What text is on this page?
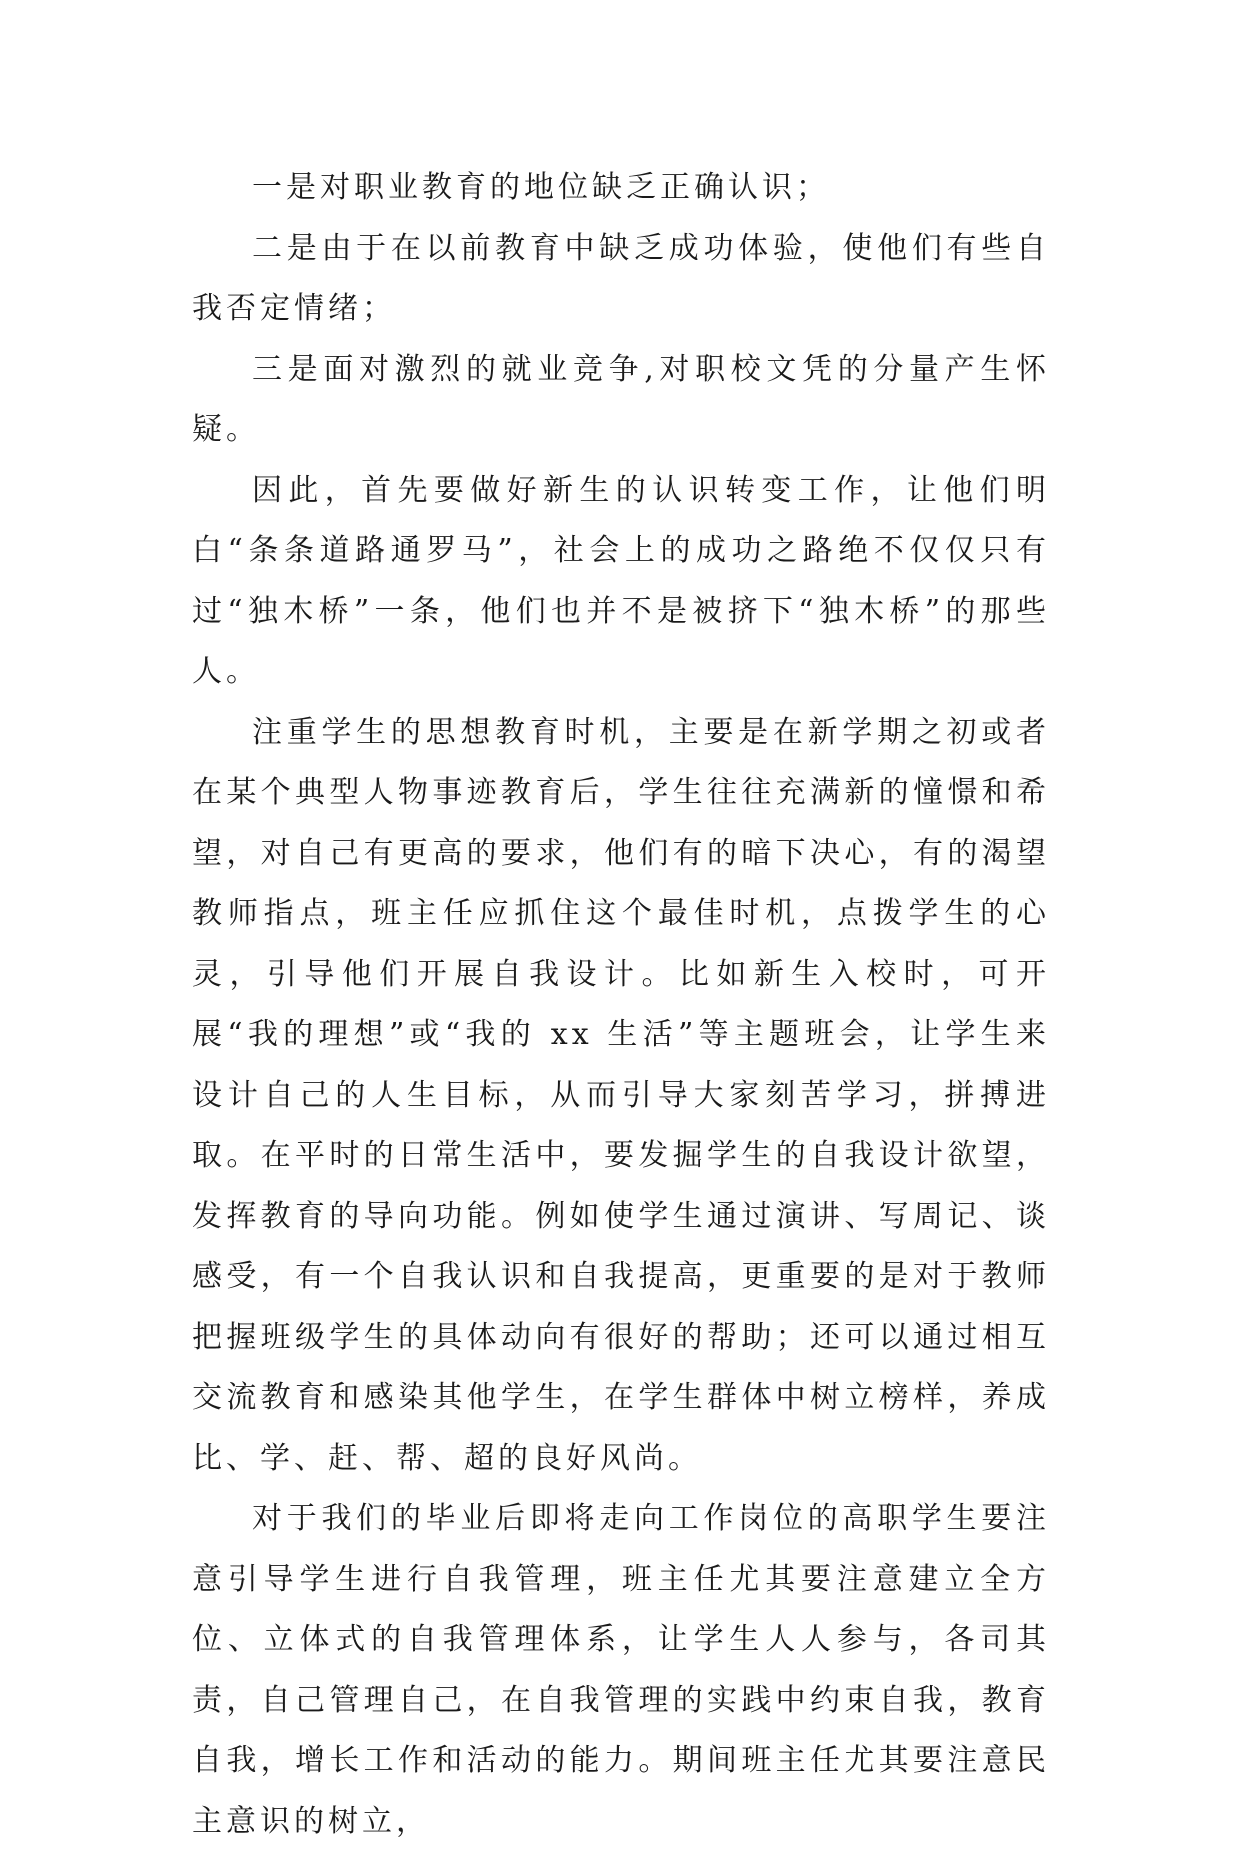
一是对职业教育的地位缺乏正确认识；

二是由于在以前教育中缺乏成功体验，使他们有些自我否定情绪；

三是面对激烈的就业竞争,对职校文凭的分量产生怀疑。

因此，首先要做好新生的认识转变工作，让他们明白“条条道路通罗马”，社会上的成功之路绝不仅仅只有过“独木桥”一条，他们也并不是被挤下“独木桥”的那些人。

注重学生的思想教育时机，主要是在新学期之初或者在某个典型人物事迹教育后，学生往往充满新的憧憬和希望，对自己有更高的要求，他们有的暗下决心，有的渴望教师指点，班主任应抓住这个最佳时机，点拨学生的心灵，引导他们开展自我设计。比如新生入校时，可开展“我的理想”或“我的 xx 生活”等主题班会，让学生来设计自己的人生目标，从而引导大家刻苦学习，拼搏进取。在平时的日常生活中，要发掘学生的自我设计欲望，发挥教育的导向功能。例如使学生通过演讲、写周记、谈感受，有一个自我认识和自我提高，更重要的是对于教师把握班级学生的具体动向有很好的帮助；还可以通过相互交流教育和感染其他学生，在学生群体中树立榜样，养成比、学、赶、帮、超的良好风尚。

对于我们的毕业后即将走向工作岗位的高职学生要注意引导学生进行自我管理，班主任尤其要注意建立全方位、立体式的自我管理体系，让学生人人参与，各司其责，自己管理自己，在自我管理的实践中约束自我，教育自我，增长工作和活动的能力。期间班主任尤其要注意民主意识的树立，
